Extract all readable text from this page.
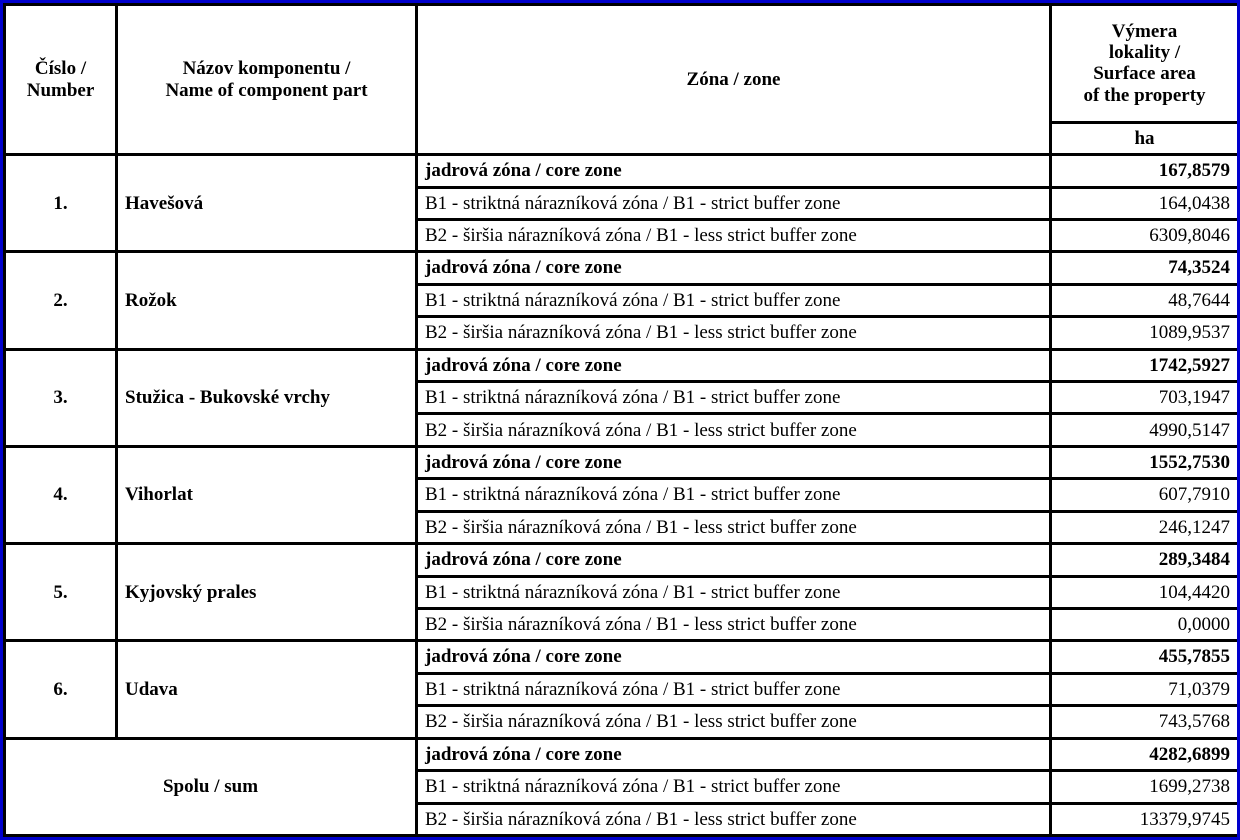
Číslo /
Number	Názov komponentu /
Name of component part	Zóna / zone	Výmera
lokality /
Surface area
of the property
			ha
1.	Havešová	jadrová zóna / core zone	167,8579
		B1 - striktná nárazníková zóna / B1 - strict buffer zone	164,0438
		B2 - širšia nárazníková zóna / B1 - less strict buffer zone	6309,8046
2.	Rožok	jadrová zóna / core zone	74,3524
		B1 - striktná nárazníková zóna / B1 - strict buffer zone	48,7644
		B2 - širšia nárazníková zóna / B1 - less strict buffer zone	1089,9537
3.	Stužica - Bukovské vrchy	jadrová zóna / core zone	1742,5927
		B1 - striktná nárazníková zóna / B1 - strict buffer zone	703,1947
		B2 - širšia nárazníková zóna / B1 - less strict buffer zone	4990,5147
4.	Vihorlat	jadrová zóna / core zone	1552,7530
		B1 - striktná nárazníková zóna / B1 - strict buffer zone	607,7910
		B2 - širšia nárazníková zóna / B1 - less strict buffer zone	246,1247
5.	Kyjovský prales	jadrová zóna / core zone	289,3484
		B1 - striktná nárazníková zóna / B1 - strict buffer zone	104,4420
		B2 - širšia nárazníková zóna / B1 - less strict buffer zone	0,0000
6.	Udava	jadrová zóna / core zone	455,7855
		B1 - striktná nárazníková zóna / B1 - strict buffer zone	71,0379
		B2 - širšia nárazníková zóna / B1 - less strict buffer zone	743,5768
Spolu / sum		jadrová zóna / core zone	4282,6899
		B1 - striktná nárazníková zóna / B1 - strict buffer zone	1699,2738
		B2 - širšia nárazníková zóna / B1 - less strict buffer zone	13379,9745
